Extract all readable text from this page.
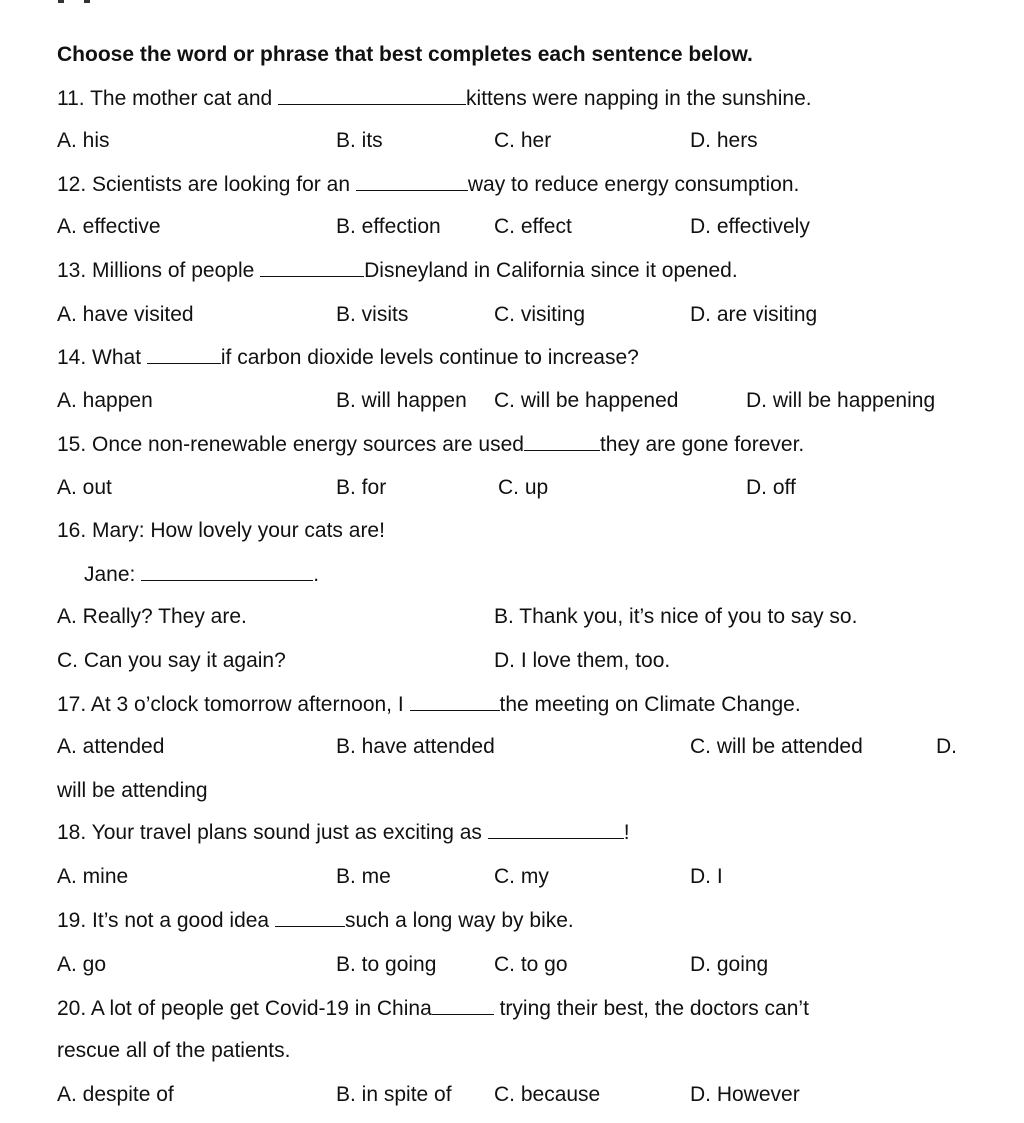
Choose the word or phrase that best completes each sentence below.
11. The mother cat and	kittens were napping in the sunshine.
A. his	B. its	C. her	D. hers
12. Scientists are looking for an	way to reduce energy consumption.
A. effective	B. effection	C. effect	D. effectively
13. Millions of people	Disneyland in California since it opened.
A. have visited	B. visits	C. visiting	D. are visiting
14. What	if carbon dioxide levels continue to increase?
A. happen	B. will happen C. will be happened	D. will be happening
15. Once non-renewable energy sources are used	they are gone forever.
A. out	B. for	C. up	D. off
16. Mary: How lovely your cats are!
Jane:	.
A. Really? They are.	B. Thank you, it’s nice of you to say so.
C. Can you say it again?	D. I love them, too.
17. At 3 o’clock tomorrow afternoon, I	the meeting on Climate Change.
A. attended	B. have attended	C. will be attended	D.
will be attending
18. Your travel plans sound just as exciting as	!
A. mine	B. me	C. my	D. I
19. It’s not a good idea	such a long way by bike.
A. go	B. to going	C. to go	D. going
20. A lot of people get Covid-19 in China	trying their best, the doctors can’t
rescue all of the patients.
A. despite of	B. in spite of C. because	D. However
